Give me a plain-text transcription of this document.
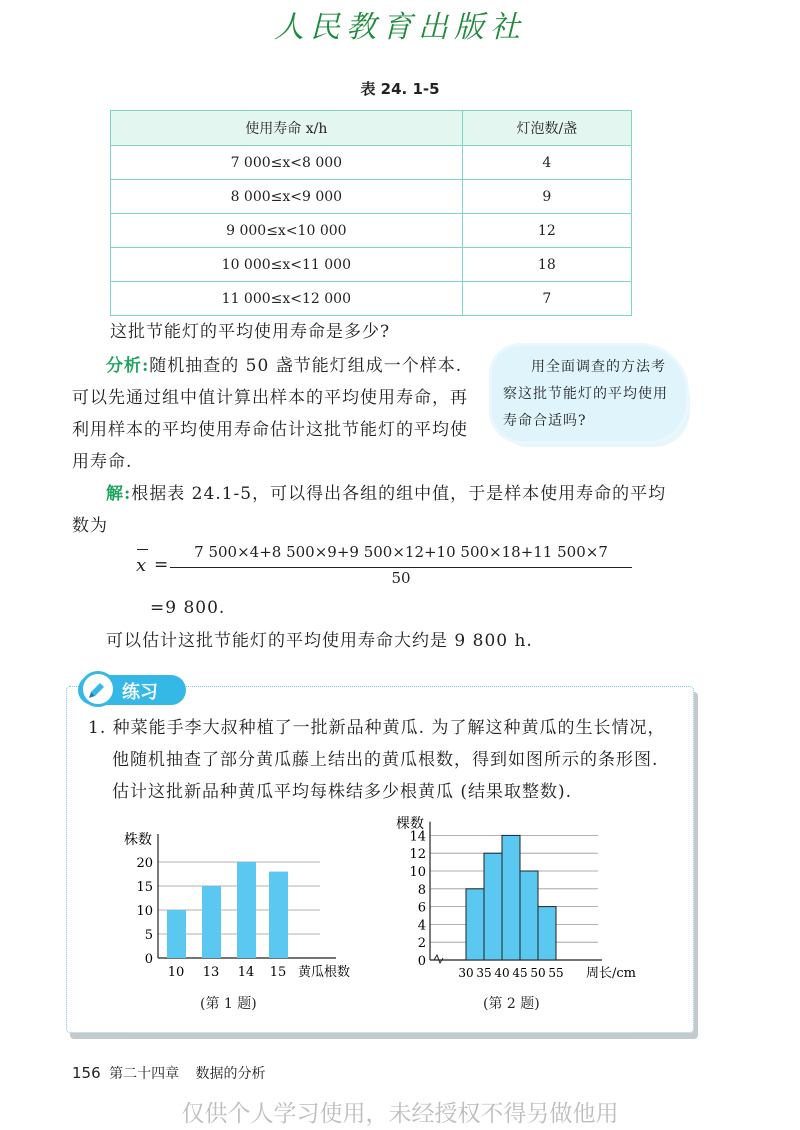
人民教育出版社
表 24. 1-5
使用寿命 x/h	灯泡数/盏
7 000≤x<8 000	4
8 000≤x<9 000	9
9 000≤x<10 000	12
10 000≤x<11 000	18
11 000≤x<12 000	7
这批节能灯的平均使用寿命是多少?
分析:随机抽查的 50 盏节能灯组成一个样本.
可以先通过组中值计算出样本的平均使用寿命，再
利用样本的平均使用寿命估计这批节能灯的平均使
用寿命.
用全面调查的方法考
察这批节能灯的平均使用
寿命合适吗?
解:根据表 24.1-5，可以得出各组的组中值，于是样本使用寿命的平均
数为
x =
7 500×4+8 500×9+9 500×12+10 500×18+11 500×7
50
=9 800.
可以估计这批节能灯的平均使用寿命大约是 9 800 h.
练习
1. 种菜能手李大叔种植了一批新品种黄瓜. 为了解这种黄瓜的生长情况，
他随机抽查了部分黄瓜藤上结出的黄瓜根数，得到如图所示的条形图.
估计这批新品种黄瓜平均每株结多少根黄瓜 (结果取整数).
0
5
10
15
20
株数
10 13 14 15 黄瓜根数
0
2
4
6
8
10
12
14
棵数
30 35 40 45 50 55 周长/cm
(第 1 题)	(第 2 题)
156 第二十四章 数据的分析
仅供个人学习使用，未经授权不得另做他用
